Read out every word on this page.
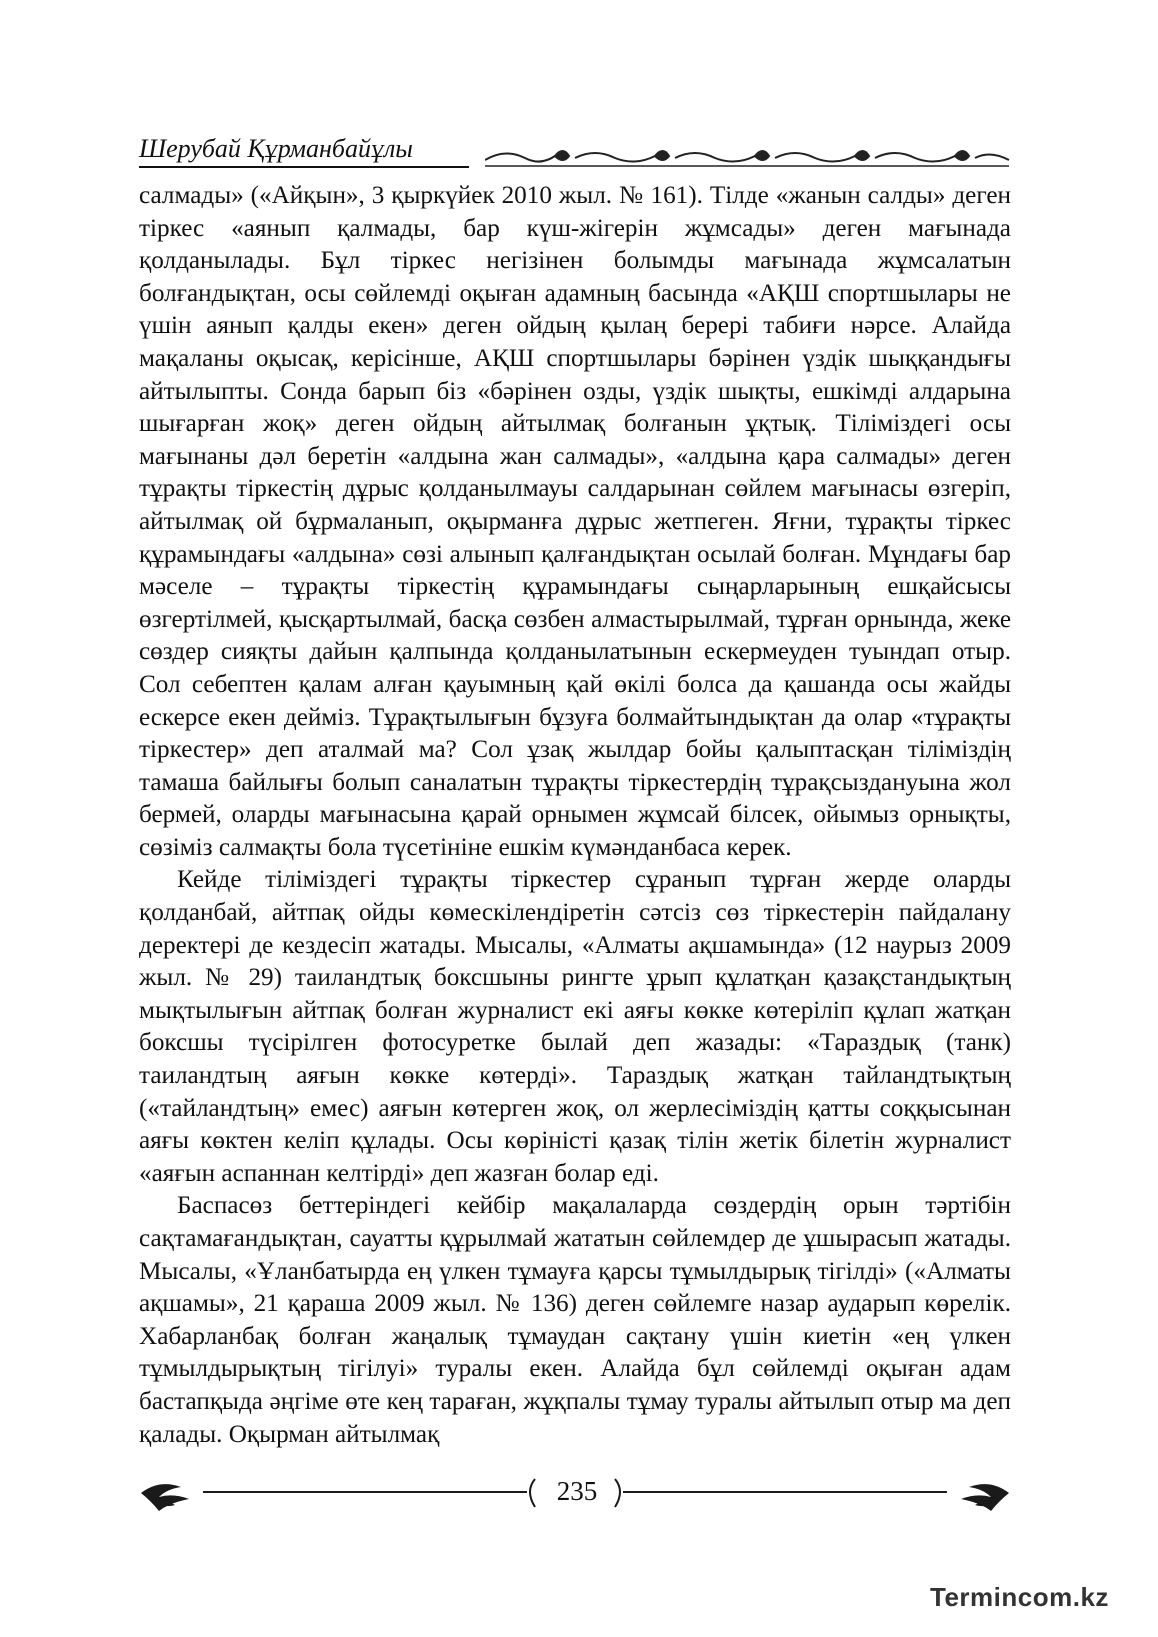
Шерубай Құрманбайұлы

салмады» («Айқын», 3 қыркүйек 2010 жыл. № 161). Тілде «жанын салды» деген тіркес «аянып қалмады, бар күш-жігерін жұмсады» деген мағынада қолданылады. Бұл тіркес негізінен болымды мағынада жұмсалатын болғандықтан, осы сөйлемді оқыған адамның басында «АҚШ спортшылары не үшін аянып қалды екен» деген ойдың қылаң берері табиғи нәрсе. Алайда мақаланы оқысақ, керісінше, АҚШ спортшылары бәрінен үздік шыққандығы айтылыпты. Сонда барып біз «бәрінен озды, үздік шықты, ешкімді алдарына шығарған жоқ» деген ойдың айтылмақ болғанын ұқтық. Тіліміздегі осы мағынаны дәл беретін «алдына жан салмады», «алдына қара салмады» деген тұрақты тіркестің дұрыс қолданылмауы салдарынан сөйлем мағынасы өзгеріп, айтылмақ ой бұрмаланып, оқырманға дұрыс жетпеген. Яғни, тұрақты тіркес құрамындағы «алдына» сөзі алынып қалғандықтан осылай болған. Мұндағы бар мәселе – тұрақты тіркестің құрамындағы сыңарларының ешқайсысы өзгертілмей, қысқартылмай, басқа сөзбен алмастырылмай, тұрған орнында, жеке сөздер сияқты дайын қалпында қолданылатынын ескермеуден туындап отыр. Сол себептен қалам алған қауымның қай өкілі болса да қашанда осы жайды ескерсе екен дейміз. Тұрақтылығын бұзуға болмайтындықтан да олар «тұрақты тіркестер» деп аталмай ма? Сол ұзақ жылдар бойы қалыптасқан тіліміздің тамаша байлығы болып саналатын тұрақты тіркестердің тұрақсыздануына жол бермей, оларды мағынасына қарай орнымен жұмсай білсек, ойымыз орнықты, сөзіміз салмақты бола түсетініне ешкім күмәнданбаса керек.

Кейде тіліміздегі тұрақты тіркестер сұранып тұрған жерде оларды қолданбай, айтпақ ойды көмескілендіретін сәтсіз сөз тіркестерін пайдалану деректері де кездесіп жатады. Мысалы, «Алматы ақшамында» (12 наурыз 2009 жыл. № 29) таиландтық боксшыны рингте ұрып құлатқан қазақстандықтың мықтылығын айтпақ болған журналист екі аяғы көкке көтеріліп құлап жатқан боксшы түсірілген фотосуретке былай деп жазады: «Тараздық (танк) таиландтың аяғын көкке көтерді». Тараздық жатқан тайландтықтың («тайландтың» емес) аяғын көтерген жоқ, ол жерлесіміздің қатты соққысынан аяғы көктен келіп құлады. Осы көріністі қазақ тілін жетік білетін журналист «аяғын аспаннан келтірді» деп жазған болар еді.

Баспасөз беттеріндегі кейбір мақалаларда сөздердің орын тәртібін сақтамағандықтан, сауатты құрылмай жататын сөйлемдер де ұшырасып жатады. Мысалы, «Ұланбатырда ең үлкен тұмауға қарсы тұмылдырық тігілді» («Алматы ақшамы», 21 қараша 2009 жыл. № 136) деген сөйлемге назар аударып көрелік. Хабарланбақ болған жаңалық тұмаудан сақтану үшін киетін «ең үлкен тұмылдырықтың тігілуі» туралы екен. Алайда бұл сөйлемді оқыған адам бастапқыда әңгіме өте кең тараған, жұқпалы тұмау туралы айтылып отыр ма деп қалады. Оқырман айтылмақ

235
Termincom.kz
